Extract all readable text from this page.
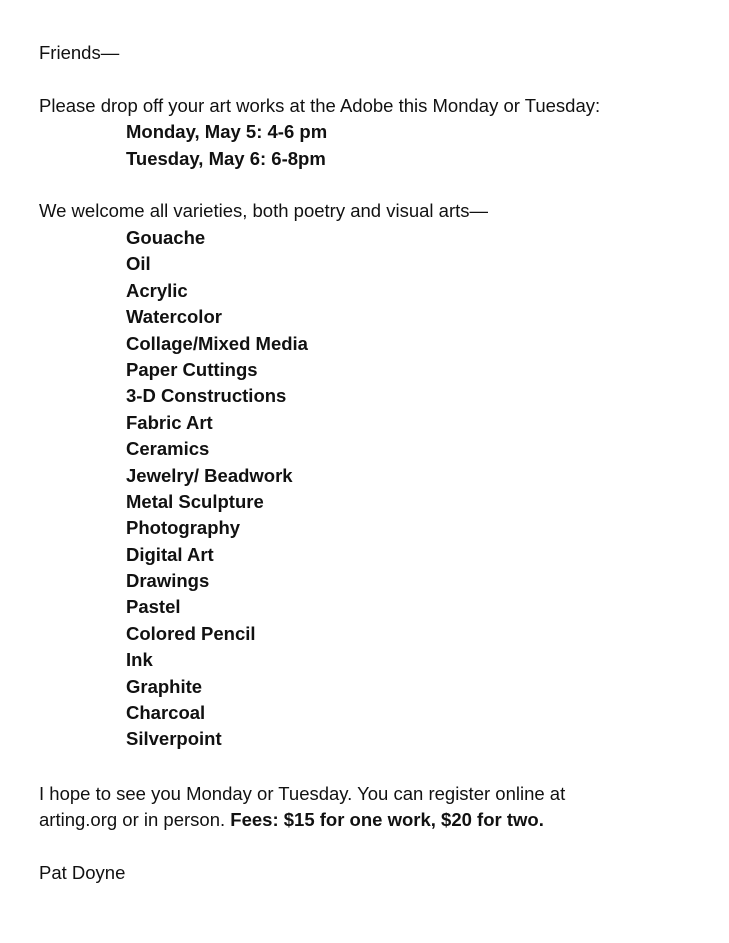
Friends—
Please drop off your art works at the Adobe this Monday or Tuesday:
Monday, May 5: 4-6 pm
Tuesday, May 6: 6-8pm
We welcome all varieties, both poetry and visual arts—
Gouache
Oil
Acrylic
Watercolor
Collage/Mixed Media
Paper Cuttings
3-D Constructions
Fabric Art
Ceramics
Jewelry/ Beadwork
Metal Sculpture
Photography
Digital Art
Drawings
Pastel
Colored Pencil
Ink
Graphite
Charcoal
Silverpoint
I hope to see you Monday or Tuesday. You can register online at
arting.org or in person. Fees: $15 for one work, $20 for two.
Pat Doyne
